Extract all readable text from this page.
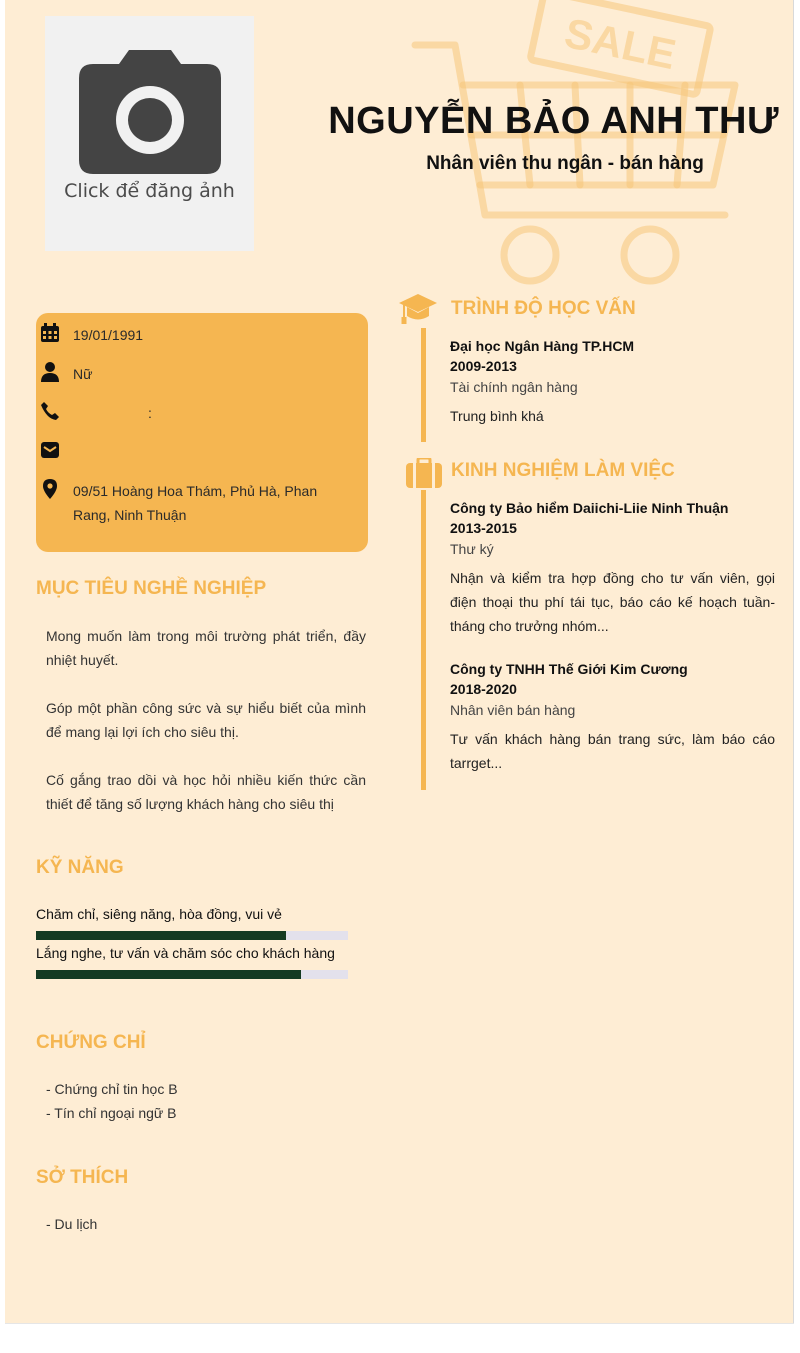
SALE
Click để đăng ảnh
NGUYỄN BẢO ANH THƯ
Nhân viên thu ngân - bán hàng
19/01/1991
Nữ
:
09/51 Hoàng Hoa Thám, Phủ Hà, Phan Rang, Ninh Thuận
MỤC TIÊU NGHỀ NGHIỆP
Mong muốn làm trong môi trường phát triển, đầy nhiệt huyết.
Góp một phần công sức và sự hiểu biết của mình để mang lại lợi ích cho siêu thị.
Cố gắng trao dồi và học hỏi nhiều kiến thức cần thiết để tăng số lượng khách hàng cho siêu thị
KỸ NĂNG
Chăm chỉ, siêng năng, hòa đồng, vui vẻ
Lắng nghe, tư vấn và chăm sóc cho khách hàng
CHỨNG CHỈ
- Chứng chỉ tin học B
- Tín chỉ ngoại ngữ B
SỞ THÍCH
- Du lịch
TRÌNH ĐỘ HỌC VẤN
Đại học Ngân Hàng TP.HCM
2009-2013
Tài chính ngân hàng
Trung bình khá
KINH NGHIỆM LÀM VIỆC
Công ty Bảo hiểm Daiichi-Liie Ninh Thuận
2013-2015
Thư ký
Nhận và kiểm tra hợp đồng cho tư vấn viên, gọi điện thoại thu phí tái tục, báo cáo kế hoạch tuần-tháng cho trưởng nhóm...
Công ty TNHH Thế Giới Kim Cương
2018-2020
Nhân viên bán hàng
Tư vấn khách hàng bán trang sức, làm báo cáo tarrget...
